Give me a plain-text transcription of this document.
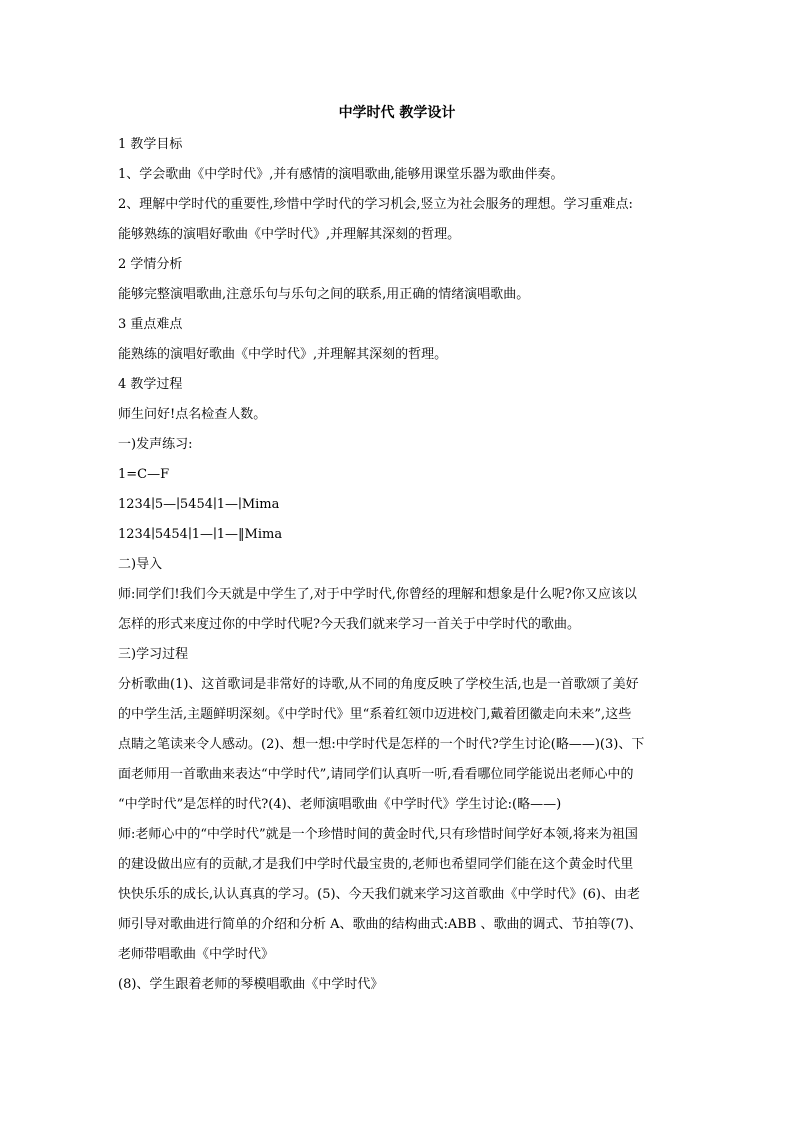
中学时代 教学设计
1 教学目标
1、学会歌曲《中学时代》,并有感情的演唱歌曲,能够用课堂乐器为歌曲伴奏。
2、理解中学时代的重要性,珍惜中学时代的学习机会,竖立为社会服务的理想。学习重难点:
能够熟练的演唱好歌曲《中学时代》,并理解其深刻的哲理。
2 学情分析
能够完整演唱歌曲,注意乐句与乐句之间的联系,用正确的情绪演唱歌曲。
3 重点难点
能熟练的演唱好歌曲《中学时代》,并理解其深刻的哲理。
4 教学过程
师生问好!点名检查人数。
一)发声练习:
1=C—F
1234∣5—∣5454∣1—∣Mima
1234∣5454∣1—∣1—‖Mima
二)导入
师:同学们!我们今天就是中学生了,对于中学时代,你曾经的理解和想象是什么呢?你又应该以
怎样的形式来度过你的中学时代呢?今天我们就来学习一首关于中学时代的歌曲。
三)学习过程
分析歌曲(1)、这首歌词是非常好的诗歌,从不同的角度反映了学校生活,也是一首歌颂了美好
的中学生活,主题鲜明深刻。《中学时代》里“系着红领巾迈进校门,戴着团徽走向未来”,这些
点睛之笔读来令人感动。(2)、想一想:中学时代是怎样的一个时代?学生讨论(略——)(3)、下
面老师用一首歌曲来表达“中学时代”,请同学们认真听一听,看看哪位同学能说出老师心中的
“中学时代”是怎样的时代?(4)、老师演唱歌曲《中学时代》学生讨论:(略——)
师:老师心中的“中学时代”就是一个珍惜时间的黄金时代,只有珍惜时间学好本领,将来为祖国
的建设做出应有的贡献,才是我们中学时代最宝贵的,老师也希望同学们能在这个黄金时代里
快快乐乐的成长,认认真真的学习。(5)、今天我们就来学习这首歌曲《中学时代》(6)、由老
师引导对歌曲进行简单的介绍和分析 A、歌曲的结构曲式:ABB 、歌曲的调式、节拍等(7)、
老师带唱歌曲《中学时代》
(8)、学生跟着老师的琴模唱歌曲《中学时代》
